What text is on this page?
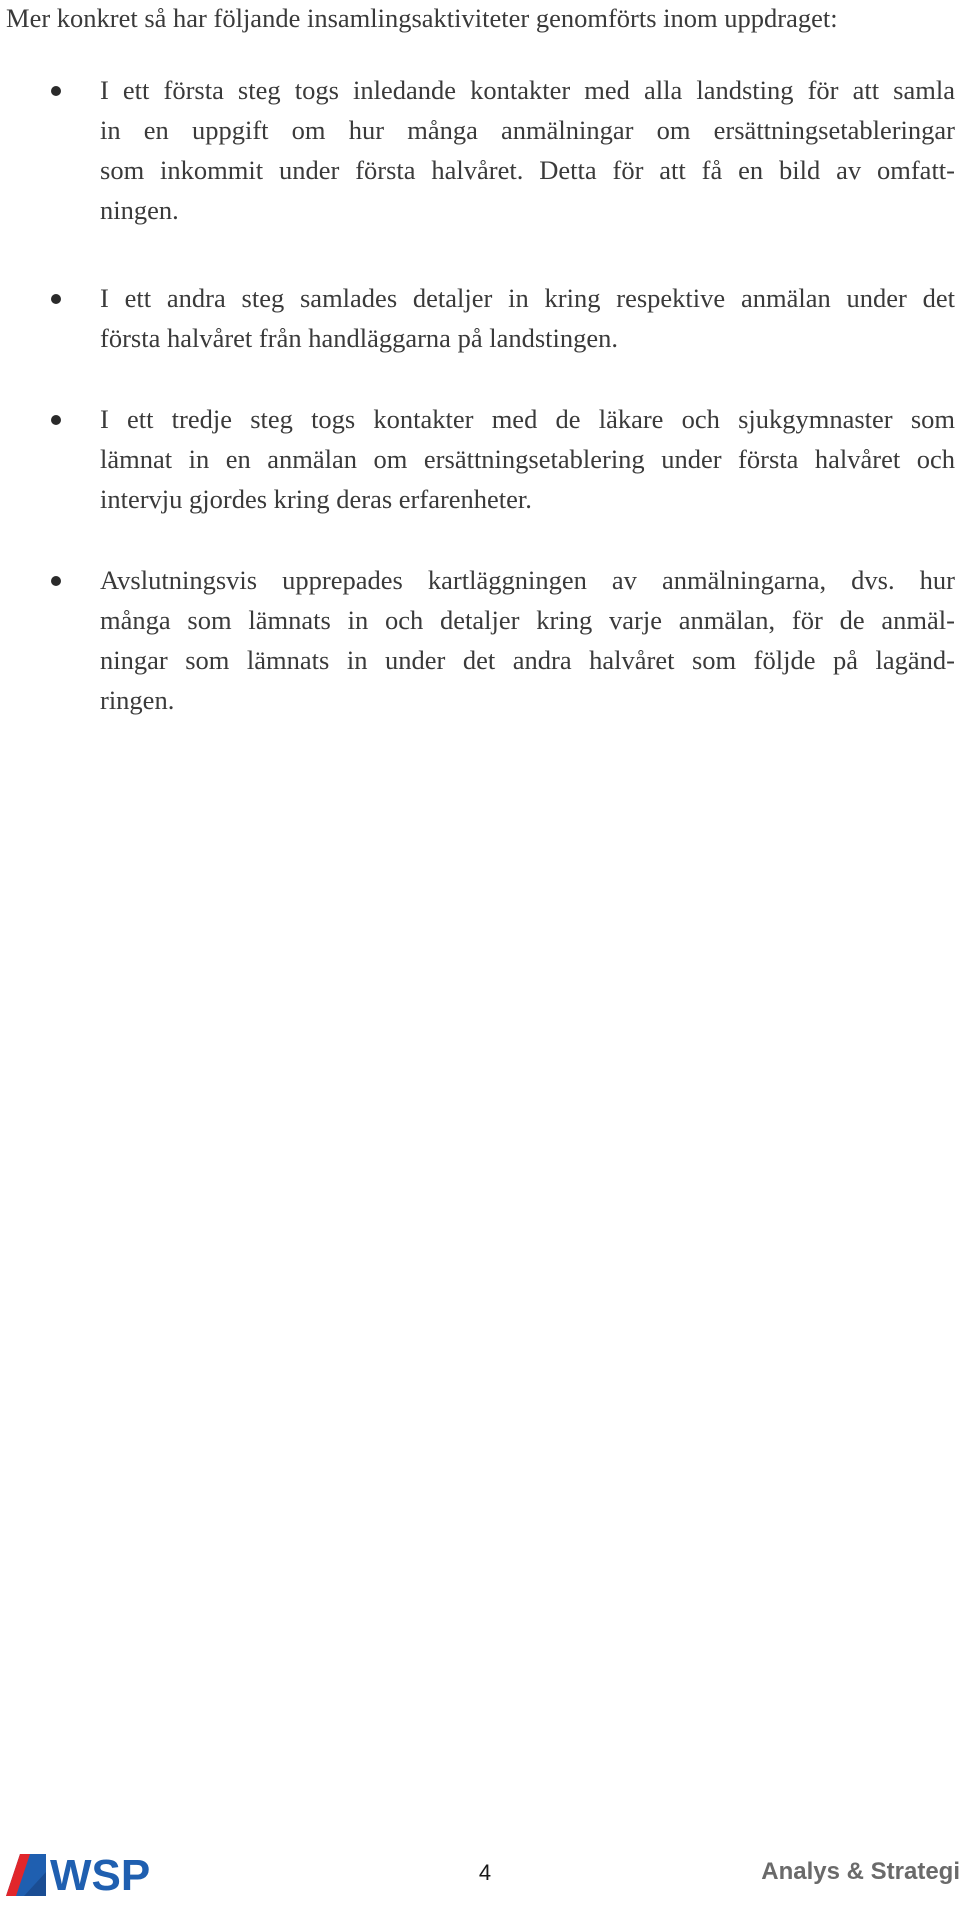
Mer konkret så har följande insamlingsaktiviteter genomförts inom uppdraget:

I ett första steg togs inledande kontakter med alla landsting för att samla
in en uppgift om hur många anmälningar om ersättningsetableringar
som inkommit under första halvåret. Detta för att få en bild av omfatt-
ningen.

I ett andra steg samlades detaljer in kring respektive anmälan under det
första halvåret från handläggarna på landstingen.

I ett tredje steg togs kontakter med de läkare och sjukgymnaster som
lämnat in en anmälan om ersättningsetablering under första halvåret och
intervju gjordes kring deras erfarenheter.

Avslutningsvis upprepades kartläggningen av anmälningarna, dvs. hur
många som lämnats in och detaljer kring varje anmälan, för de anmäl-
ningar som lämnats in under det andra halvåret som följde på lagänd-
ringen.

WSP	4	Analys & Strategi
